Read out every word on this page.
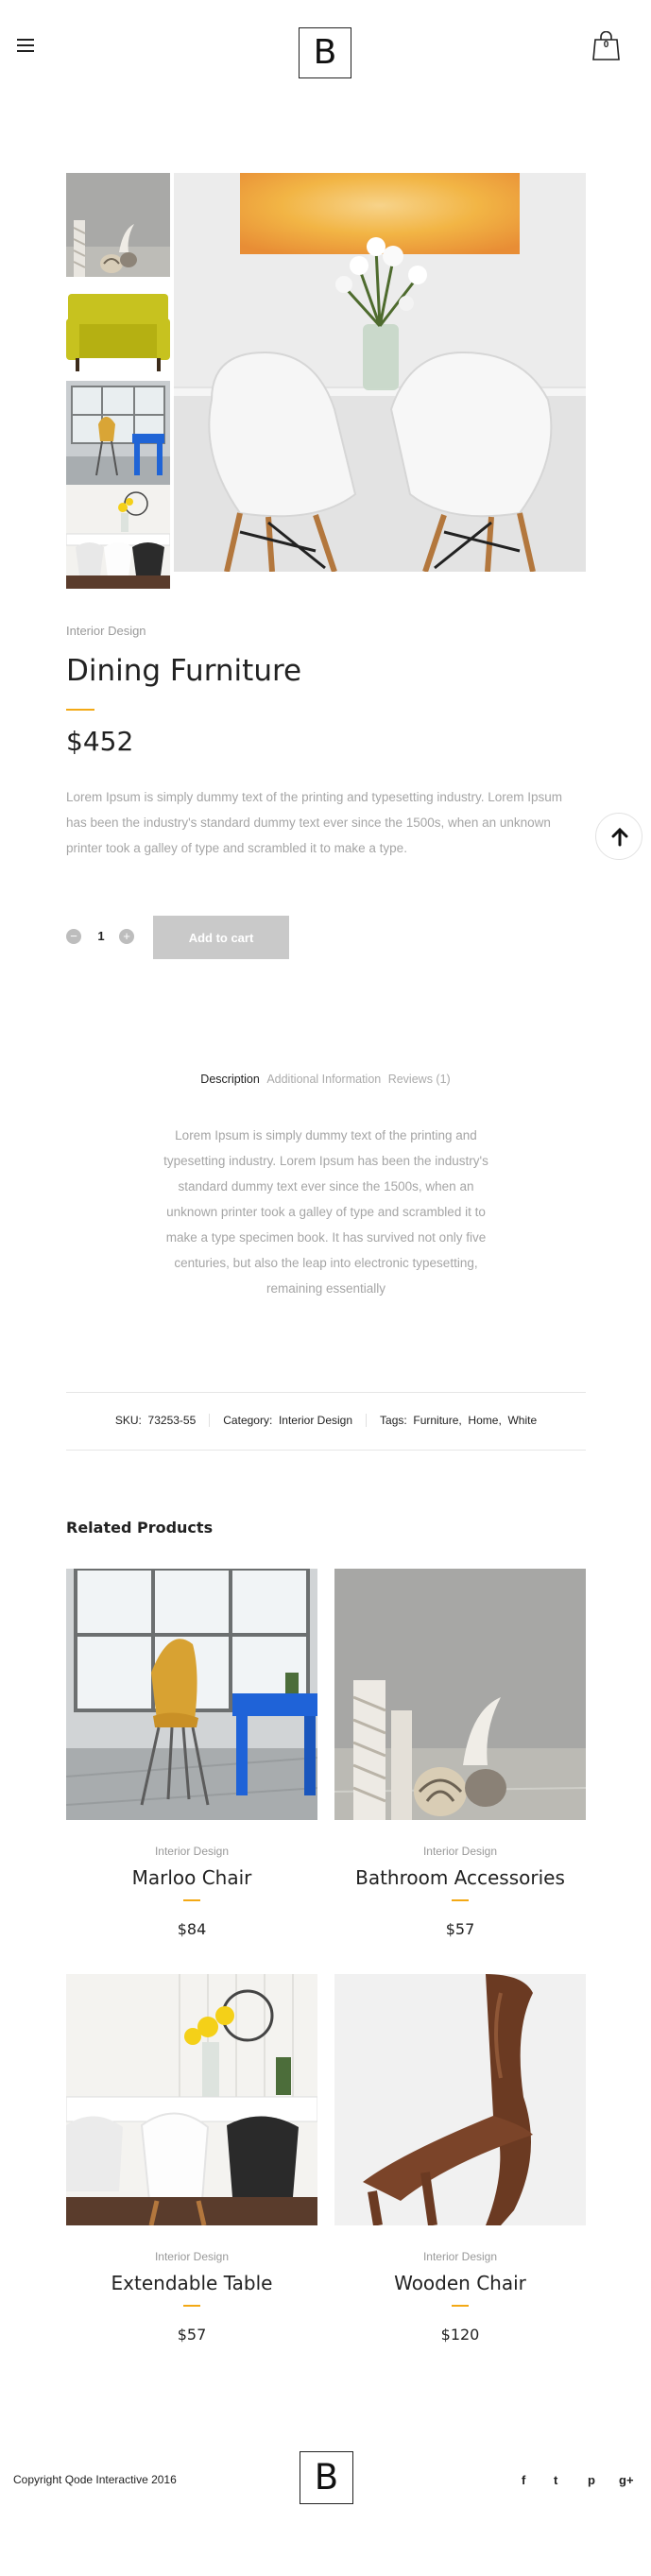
B	0
Interior Design
Dining Furniture
$452

Lorem Ipsum is simply dummy text of the printing and typesetting industry. Lorem Ipsum has been the industry's standard dummy text ever since the 1500s, when an unknown printer took a galley of type and scrambled it to make a type.

−	1	+	Add to cart
Description Additional Information Reviews (1)

Lorem Ipsum is simply dummy text of the printing and typesetting industry. Lorem Ipsum has been the industry's standard dummy text ever since the 1500s, when an unknown printer took a galley of type and scrambled it to make a type specimen book. It has survived not only five centuries, but also the leap into electronic typesetting, remaining essentially

SKU: 73253-55 Category: Interior Design Tags: Furniture,  Home,  White
Related Products
Interior Design
Marloo Chair
$84
Interior Design
Bathroom Accessories
$57
Interior Design
Extendable Table
$57
Interior Design
Wooden Chair
$120
Copyright Qode Interactive 2016	B	f t p g+
